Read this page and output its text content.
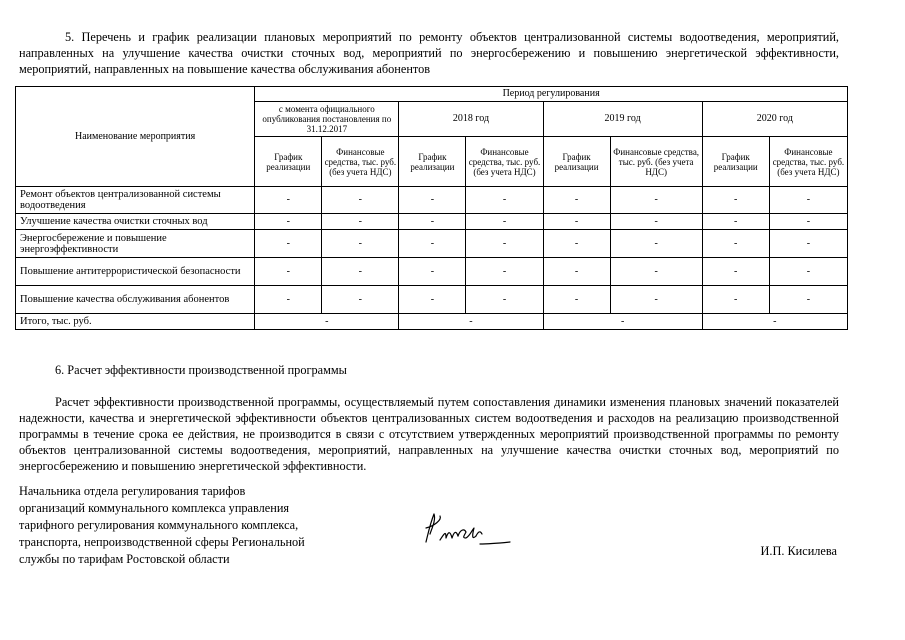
5. Перечень и график реализации плановых мероприятий по ремонту объектов централизованной системы водоотведения, мероприятий, направленных на улучшение качества очистки сточных вод, мероприятий по энергосбережению и повышению энергетической эффективности, мероприятий, направленных на повышение качества обслуживания абонентов
Наименование мероприятия	Период регулирования							
	с момента официального опубликования постановления по 31.12.2017		2018 год		2019 год		2020 год	
	График реализации	Финансовые средства, тыс. руб. (без учета НДС)	График реализации	Финансовые средства, тыс. руб. (без учета НДС)	График реализации	Финансовые средства, тыс. руб. (без учета НДС)	График реализации	Финансовые средства, тыс. руб. (без учета НДС)
Ремонт объектов централизованной системы водоотведения	-	-	-	-	-	-	-	-
Улучшение качества очистки сточных вод	-	-	-	-	-	-	-	-
Энергосбережение и повышение энергоэффективности	-	-	-	-	-	-	-	-
Повышение антитеррористической безопасности	-	-	-	-	-	-	-	-
Повышение качества обслуживания абонентов	-	-	-	-	-	-	-	-
Итого, тыс. руб.	-		-		-		-	
6. Расчет эффективности производственной программы
Расчет эффективности производственной программы, осуществляемый путем сопоставления динамики изменения плановых значений показателей надежности, качества и энергетической эффективности объектов централизованных систем водоотведения и расходов на реализацию производственной программы в течение срока ее действия, не производится в связи с отсутствием утвержденных мероприятий производственной программы по ремонту объектов централизованной системы водоотведения, мероприятий, направленных на улучшение качества очистки сточных вод, мероприятий по энергосбережению и повышению энергетической эффективности.
Начальника отдела регулирования тарифов
организаций коммунального комплекса управления
тарифного регулирования коммунального комплекса,
транспорта, непроизводственной сферы Региональной
службы по тарифам Ростовской области
И.П. Кисилева
